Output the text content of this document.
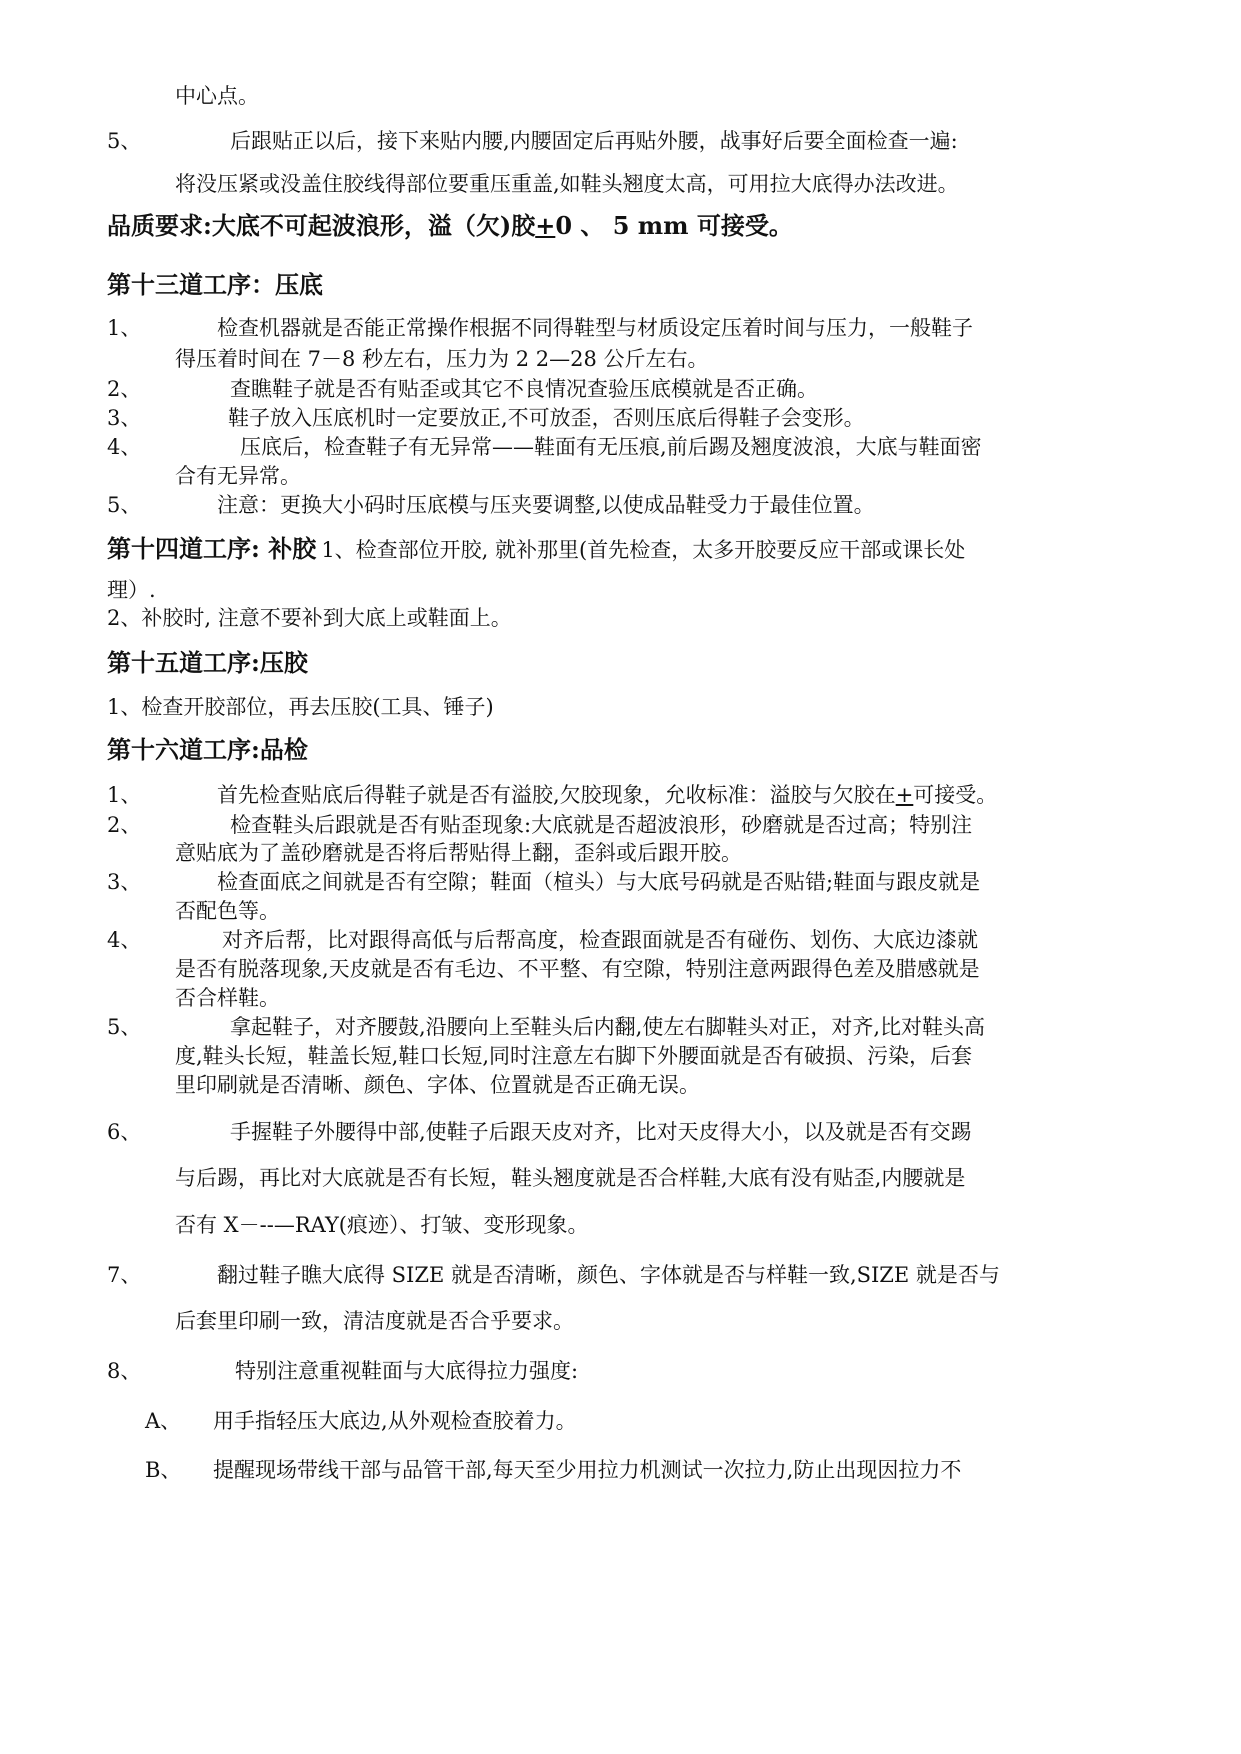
中心点。
5、	后跟贴正以后，接下来贴内腰,内腰固定后再贴外腰，战事好后要全面检查一遍:
将没压紧或没盖住胶线得部位要重压重盖,如鞋头翘度太高，可用拉大底得办法改进。
品质要求:大底不可起波浪形，溢（欠)胶+0 、 5 mm 可接受。
第十三道工序：压底
1、	检查机器就是否能正常操作根据不同得鞋型与材质设定压着时间与压力，一般鞋子
得压着时间在 7－8 秒左右，压力为 2 2—28 公斤左右。
2、	查瞧鞋子就是否有贴歪或其它不良情况查验压底模就是否正确。
3、	鞋子放入压底机时一定要放正,不可放歪，否则压底后得鞋子会变形。
4、	压底后，检查鞋子有无异常——鞋面有无压痕,前后踢及翘度波浪，大底与鞋面密
合有无异常。
5、	注意：更换大小码时压底模与压夹要调整,以使成品鞋受力于最佳位置。
第十四道工序: 补胶 1、检查部位开胶, 就补那里(首先检查，太多开胶要反应干部或课长处
理）.
2、补胶时, 注意不要补到大底上或鞋面上。
第十五道工序:压胶
1、检查开胶部位，再去压胶(工具、锤子)
第十六道工序:品检
1、	首先检查贴底后得鞋子就是否有溢胶,欠胶现象，允收标准：溢胶与欠胶在+可接受。
2、	检查鞋头后跟就是否有贴歪现象:大底就是否超波浪形，砂磨就是否过高；特别注
意贴底为了盖砂磨就是否将后帮贴得上翻，歪斜或后跟开胶。
3、	检查面底之间就是否有空隙；鞋面（楦头）与大底号码就是否贴错;鞋面与跟皮就是
否配色等。
4、	对齐后帮，比对跟得高低与后帮高度，检查跟面就是否有碰伤、划伤、大底边漆就
是否有脱落现象,天皮就是否有毛边、不平整、有空隙，特别注意两跟得色差及腊感就是
否合样鞋。
5、	拿起鞋子，对齐腰鼓,沿腰向上至鞋头后内翻,使左右脚鞋头对正，对齐,比对鞋头高
度,鞋头长短，鞋盖长短,鞋口长短,同时注意左右脚下外腰面就是否有破损、污染，后套
里印刷就是否清晰、颜色、字体、位置就是否正确无误。
6、	手握鞋子外腰得中部,使鞋子后跟天皮对齐，比对天皮得大小，以及就是否有交踢
与后踢，再比对大底就是否有长短，鞋头翘度就是否合样鞋,大底有没有贴歪,内腰就是
否有 X－--—RAY(痕迹）、打皱、变形现象。
7、	翻过鞋子瞧大底得 SIZE 就是否清晰，颜色、字体就是否与样鞋一致,SIZE 就是否与
后套里印刷一致，清洁度就是否合乎要求。
8、	特别注意重视鞋面与大底得拉力强度:
A、 用手指轻压大底边,从外观检查胶着力。
B、 提醒现场带线干部与品管干部,每天至少用拉力机测试一次拉力,防止出现因拉力不
